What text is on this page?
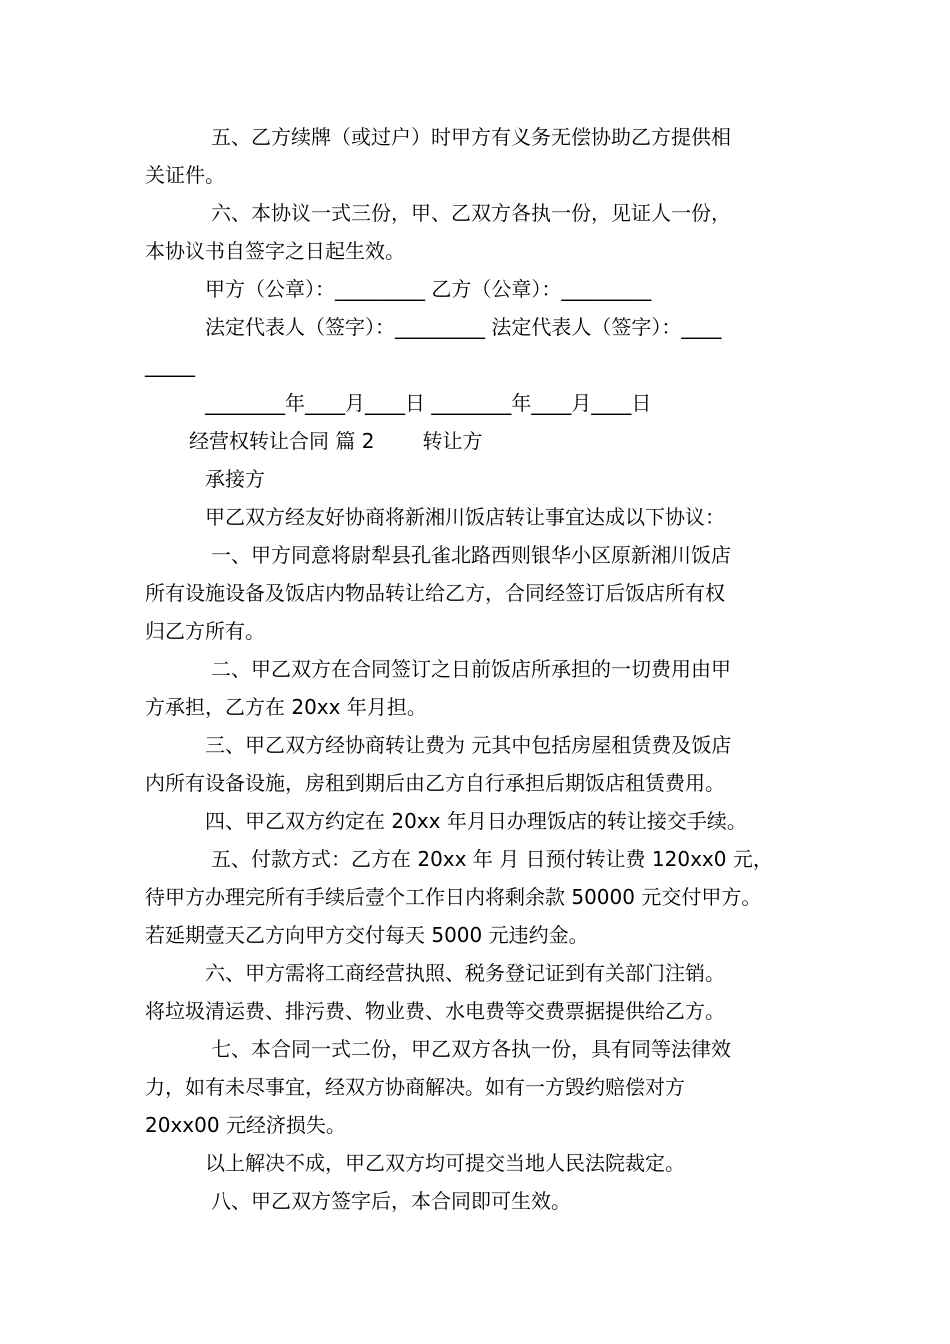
五、乙方续牌（或过户）时甲方有义务无偿协助乙方提供相
关证件。
六、本协议一式三份，甲、乙双方各执一份，见证人一份，
本协议书自签字之日起生效。
甲方（公章）：_________ 乙方（公章）：_________
法定代表人（签字）：_________ 法定代表人（签字）：____
_____
________年____月____日 ________年____月____日
经营权转让合同 篇 2 转让方
承接方
甲乙双方经友好协商将新湘川饭店转让事宜达成以下协议：
一、甲方同意将尉犁县孔雀北路西则银华小区原新湘川饭店
所有设施设备及饭店内物品转让给乙方，合同经签订后饭店所有权
归乙方所有。
二、甲乙双方在合同签订之日前饭店所承担的一切费用由甲
方承担，乙方在 20xx 年月担。
三、甲乙双方经协商转让费为 元其中包括房屋租赁费及饭店
内所有设备设施，房租到期后由乙方自行承担后期饭店租赁费用。
四、甲乙双方约定在 20xx 年月日办理饭店的转让接交手续。
五、付款方式：乙方在 20xx 年 月 日预付转让费 120xx0 元，
待甲方办理完所有手续后壹个工作日内将剩余款 50000 元交付甲方。
若延期壹天乙方向甲方交付每天 5000 元违约金。
六、甲方需将工商经营执照、税务登记证到有关部门注销。
将垃圾清运费、排污费、物业费、水电费等交费票据提供给乙方。
七、本合同一式二份，甲乙双方各执一份，具有同等法律效
力，如有未尽事宜，经双方协商解决。如有一方毁约赔偿对方
20xx00 元经济损失。
以上解决不成，甲乙双方均可提交当地人民法院裁定。
八、甲乙双方签字后，本合同即可生效。
